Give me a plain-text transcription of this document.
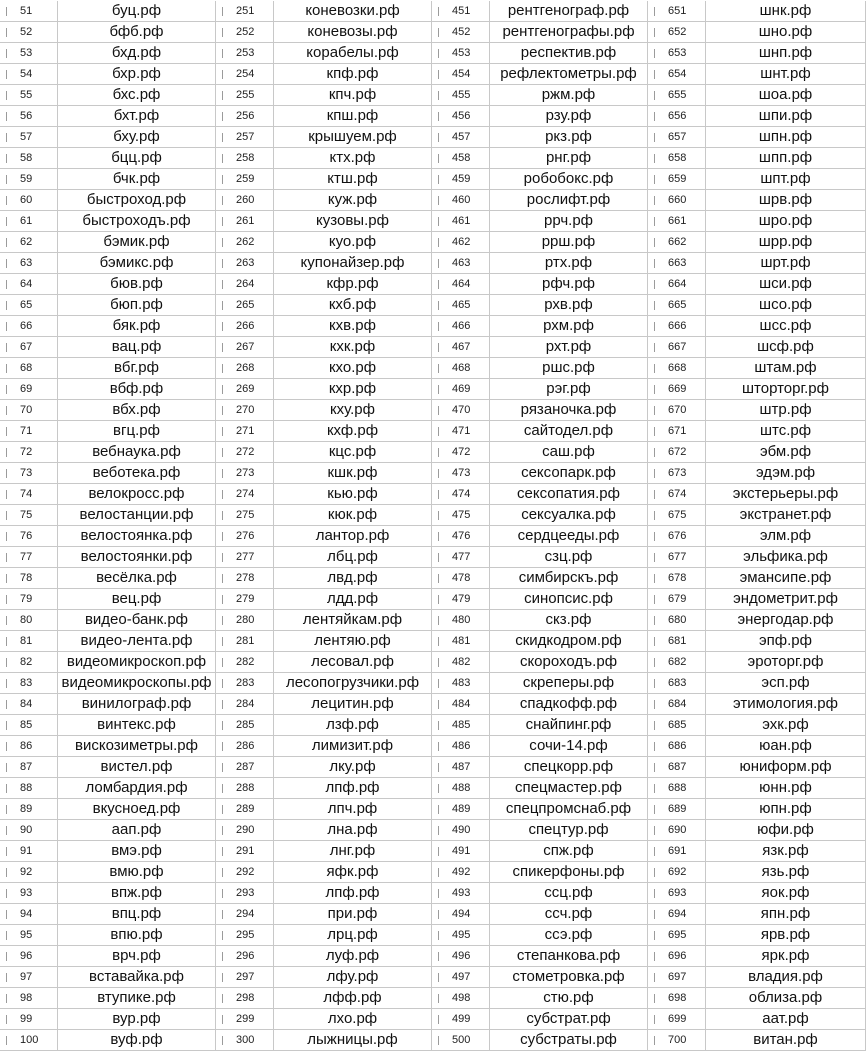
51	буц.рф	251	коневозки.рф	451	рентгенограф.рф	651	шнк.рф
52	бфб.рф	252	коневозы.рф	452	рентгенографы.рф	652	шно.рф
53	бхд.рф	253	корабелы.рф	453	респектив.рф	653	шнп.рф
54	бхр.рф	254	кпф.рф	454	рефлектометры.рф	654	шнт.рф
55	бхс.рф	255	кпч.рф	455	ржм.рф	655	шоа.рф
56	бхт.рф	256	кпш.рф	456	рзу.рф	656	шпи.рф
57	бху.рф	257	крышуем.рф	457	ркз.рф	657	шпн.рф
58	бцц.рф	258	ктх.рф	458	рнг.рф	658	шпп.рф
59	бчк.рф	259	ктш.рф	459	робобокс.рф	659	шпт.рф
60	быстроход.рф	260	куж.рф	460	рослифт.рф	660	шрв.рф
61	быстроходъ.рф	261	кузовы.рф	461	ррч.рф	661	шро.рф
62	бэмик.рф	262	куо.рф	462	ррш.рф	662	шрр.рф
63	бэмикс.рф	263	купонайзер.рф	463	ртх.рф	663	шрт.рф
64	бюв.рф	264	кфр.рф	464	рфч.рф	664	шси.рф
65	бюп.рф	265	кхб.рф	465	рхв.рф	665	шсо.рф
66	бяк.рф	266	кхв.рф	466	рхм.рф	666	шсс.рф
67	вац.рф	267	кхк.рф	467	рхт.рф	667	шсф.рф
68	вбг.рф	268	кхо.рф	468	ршс.рф	668	штам.рф
69	вбф.рф	269	кхр.рф	469	рэг.рф	669	шторторг.рф
70	вбх.рф	270	кху.рф	470	рязаночка.рф	670	штр.рф
71	вгц.рф	271	кхф.рф	471	сайтодел.рф	671	штс.рф
72	вебнаука.рф	272	кцс.рф	472	саш.рф	672	эбм.рф
73	веботека.рф	273	кшк.рф	473	сексопарк.рф	673	эдэм.рф
74	велокросс.рф	274	кью.рф	474	сексопатия.рф	674	экстерьеры.рф
75	велостанции.рф	275	кюк.рф	475	сексуалка.рф	675	экстранет.рф
76	велостоянка.рф	276	лантор.рф	476	сердцееды.рф	676	элм.рф
77	велостоянки.рф	277	лбц.рф	477	сзц.рф	677	эльфика.рф
78	весёлка.рф	278	лвд.рф	478	симбирскъ.рф	678	эмансипе.рф
79	вец.рф	279	лдд.рф	479	синопсис.рф	679	эндометрит.рф
80	видео-банк.рф	280	лентяйкам.рф	480	скз.рф	680	энергодар.рф
81	видео-лента.рф	281	лентяю.рф	481	скидкодром.рф	681	эпф.рф
82	видеомикроскоп.рф	282	лесовал.рф	482	скороходъ.рф	682	эроторг.рф
83 видеомикроскопы.рф	283	лесопогрузчики.рф	483	скреперы.рф	683	эсп.рф
84	винилограф.рф	284	лецитин.рф	484	спадкофф.рф	684	этимология.рф
85	винтекс.рф	285	лзф.рф	485	снайпинг.рф	685	эхк.рф
86	вискозиметры.рф	286	лимизит.рф	486	сочи-14.рф	686	юан.рф
87	вистел.рф	287	лку.рф	487	спецкорр.рф	687	юниформ.рф
88	ломбардия.рф	288	лпф.рф	488	спецмастер.рф	688	юнн.рф
89	вкуснoед.рф	289	лпч.рф	489	спецпромснаб.рф	689	юпн.рф
90	аап.рф	290	лна.рф	490	спецтур.рф	690	юфи.рф
91	вмэ.рф	291	лнг.рф	491	спж.рф	691	язк.рф
92	вмю.рф	292	яфк.рф	492	спикерфоны.рф	692	язь.рф
93	впж.рф	293	лпф.рф	493	ссц.рф	693	яок.рф
94	впц.рф	294	при.рф	494	ссч.рф	694	япн.рф
95	впю.рф	295	лрц.рф	495	ссэ.рф	695	ярв.рф
96	врч.рф	296	луф.рф	496	степанкова.рф	696	ярк.рф
97	вставайка.рф	297	лфу.рф	497	стометровка.рф	697	владия.рф
98	втупике.рф	298	лфф.рф	498	стю.рф	698	облиза.рф
99	вур.рф	299	лхо.рф	499	субстрат.рф	699	аат.рф
100	вуф.рф	300	лыжницы.рф	500	субстраты.рф	700	витан.рф
